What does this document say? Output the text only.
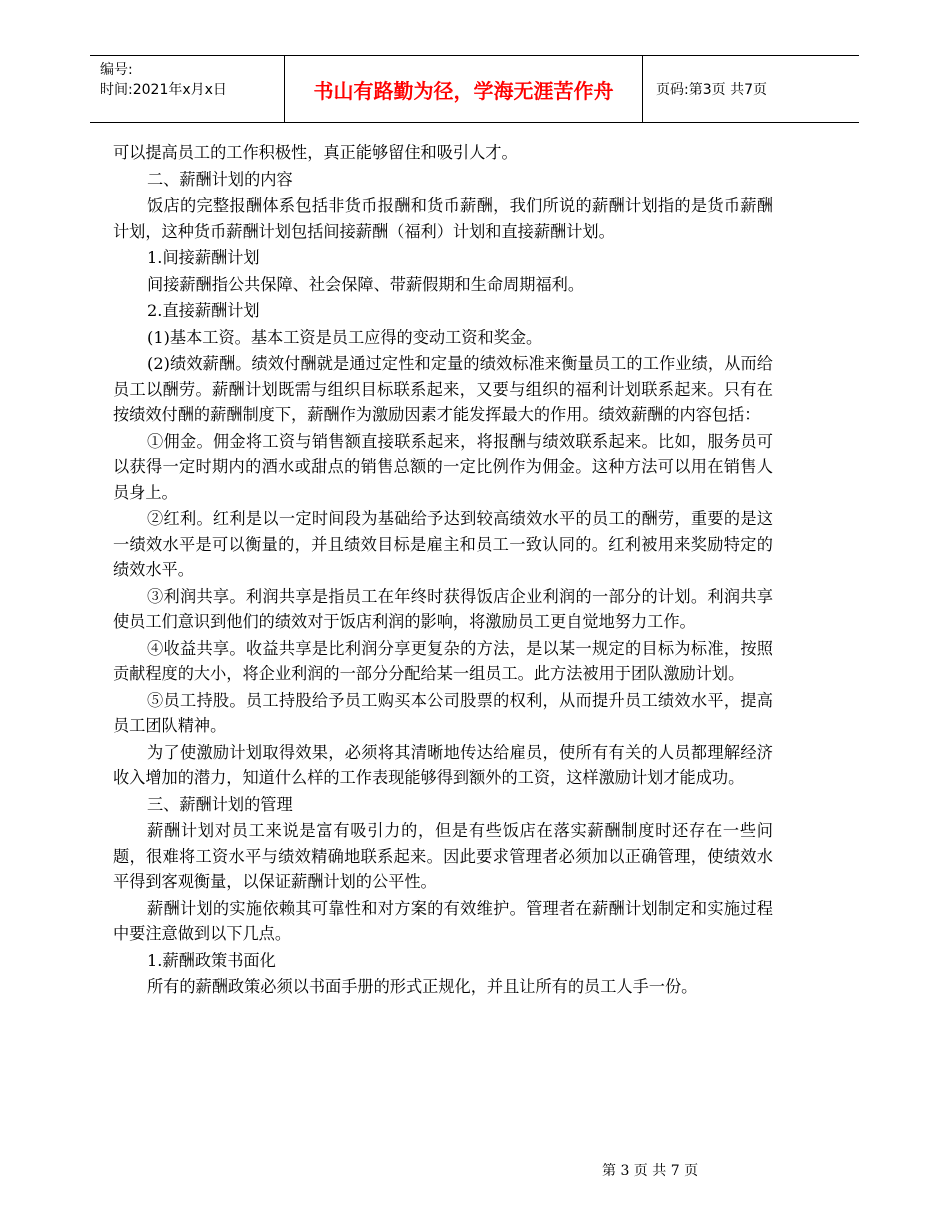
编号:
时间:2021年x月x日	书山有路勤为径，学海无涯苦作舟	页码:第3页 共7页

可以提高员工的工作积极性，真正能够留住和吸引人才。

二、薪酬计划的内容

饭店的完整报酬体系包括非货币报酬和货币薪酬，我们所说的薪酬计划指的是货币薪酬计划，这种货币薪酬计划包括间接薪酬（福利）计划和直接薪酬计划。

1.间接薪酬计划

间接薪酬指公共保障、社会保障、带薪假期和生命周期福利。

2.直接薪酬计划

(1)基本工资。基本工资是员工应得的变动工资和奖金。

(2)绩效薪酬。绩效付酬就是通过定性和定量的绩效标准来衡量员工的工作业绩，从而给员工以酬劳。薪酬计划既需与组织目标联系起来，又要与组织的福利计划联系起来。只有在按绩效付酬的薪酬制度下，薪酬作为激励因素才能发挥最大的作用。绩效薪酬的内容包括：

①佣金。佣金将工资与销售额直接联系起来，将报酬与绩效联系起来。比如，服务员可以获得一定时期内的酒水或甜点的销售总额的一定比例作为佣金。这种方法可以用在销售人员身上。

②红利。红利是以一定时间段为基础给予达到较高绩效水平的员工的酬劳，重要的是这一绩效水平是可以衡量的，并且绩效目标是雇主和员工一致认同的。红利被用来奖励特定的绩效水平。

③利润共享。利润共享是指员工在年终时获得饭店企业利润的一部分的计划。利润共享使员工们意识到他们的绩效对于饭店利润的影响，将激励员工更自觉地努力工作。

④收益共享。收益共享是比利润分享更复杂的方法，是以某一规定的目标为标准，按照贡献程度的大小，将企业利润的一部分分配给某一组员工。此方法被用于团队激励计划。

⑤员工持股。员工持股给予员工购买本公司股票的权利，从而提升员工绩效水平，提高员工团队精神。

为了使激励计划取得效果，必须将其清晰地传达给雇员，使所有有关的人员都理解经济收入增加的潜力，知道什么样的工作表现能够得到额外的工资，这样激励计划才能成功。

三、薪酬计划的管理

薪酬计划对员工来说是富有吸引力的，但是有些饭店在落实薪酬制度时还存在一些问题，很难将工资水平与绩效精确地联系起来。因此要求管理者必须加以正确管理，使绩效水平得到客观衡量，以保证薪酬计划的公平性。

薪酬计划的实施依赖其可靠性和对方案的有效维护。管理者在薪酬计划制定和实施过程中要注意做到以下几点。

1.薪酬政策书面化

所有的薪酬政策必须以书面手册的形式正规化，并且让所有的员工人手一份。

第 3 页 共 7 页
